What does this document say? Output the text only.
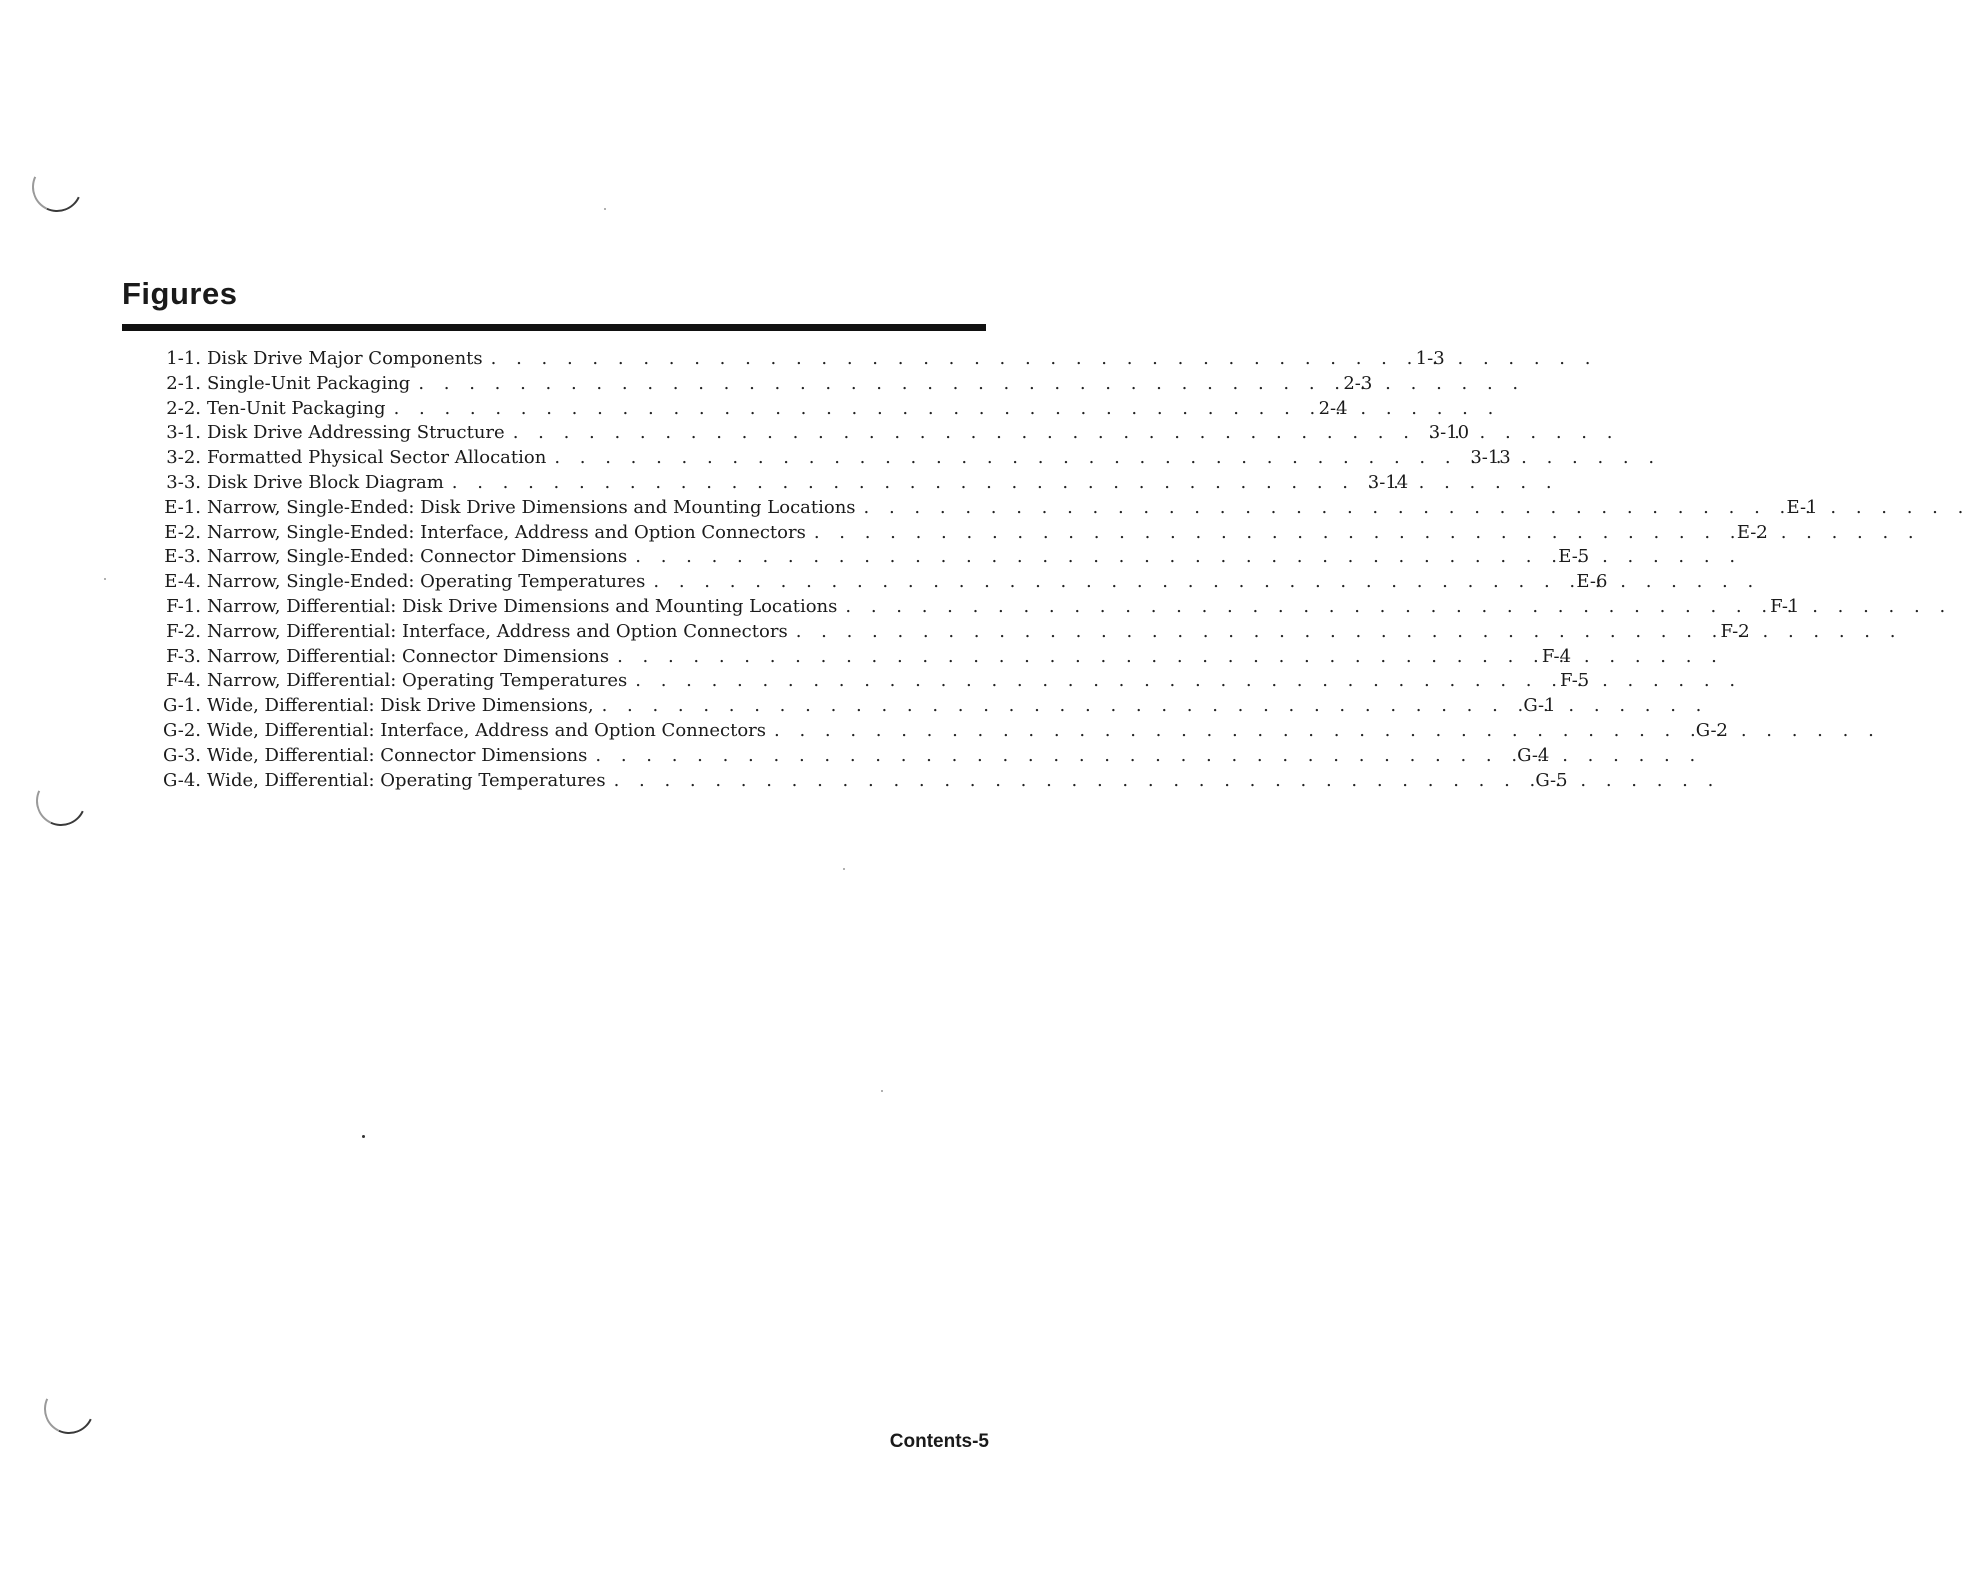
Figures
1-1. Disk Drive Major Components . . .	1-3
2-1. Single-Unit Packaging . . .	2-3
2-2. Ten-Unit Packaging . . .	2-4
3-1. Disk Drive Addressing Structure . . .	3-10
3-2. Formatted Physical Sector Allocation . . .	3-13
3-3. Disk Drive Block Diagram . . .	3-14
E-1. Narrow, Single-Ended: Disk Drive Dimensions and Mounting Locations . . .	E-1
E-2. Narrow, Single-Ended: Interface, Address and Option Connectors . . .	E-2
E-3. Narrow, Single-Ended: Connector Dimensions . . .	E-5
E-4. Narrow, Single-Ended: Operating Temperatures . . .	E-6
F-1. Narrow, Differential: Disk Drive Dimensions and Mounting Locations . . .	F-1
F-2. Narrow, Differential: Interface, Address and Option Connectors . . .	F-2
F-3. Narrow, Differential: Connector Dimensions . . .	F-4
F-4. Narrow, Differential: Operating Temperatures . . .	F-5
G-1. Wide, Differential: Disk Drive Dimensions, . . .	G-1
G-2. Wide, Differential: Interface, Address and Option Connectors . . .	G-2
G-3. Wide, Differential: Connector Dimensions . . .	G-4
G-4. Wide, Differential: Operating Temperatures . . .	G-5
Contents-5
